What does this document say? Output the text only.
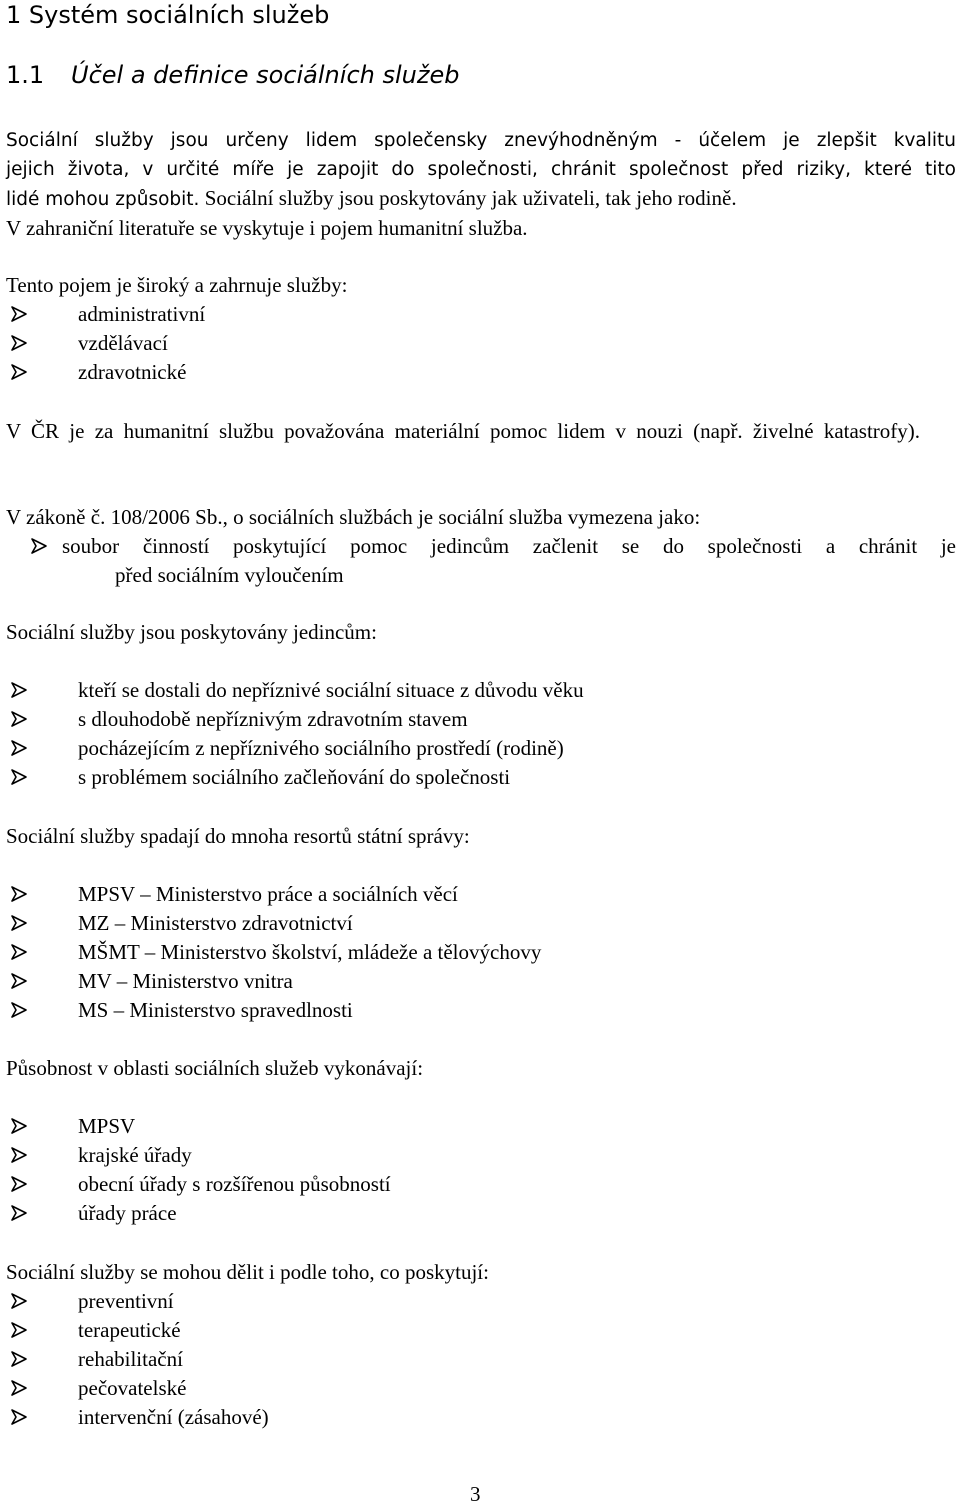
1 Systém sociálních služeb
1.1 Účel a definice sociálních služeb

Sociální služby jsou určeny lidem společensky znevýhodněným - účelem je zlepšit kvalitu

jejich života, v určité míře je zapojit do společnosti, chránit společnost před riziky, které tito

lidé mohou způsobit. Sociální služby jsou poskytovány jak uživateli, tak jeho rodině.

V zahraniční literatuře se vyskytuje i pojem humanitní služba.

Tento pojem je široký a zahrnuje služby:

administrativní
vzdělávací
zdravotnické

V ČR je za humanitní službu považována materiální pomoc lidem v nouzi (např. živelné katastrofy).

V zákoně č. 108/2006 Sb., o sociálních službách je sociální služba vymezena jako:

soubor činností poskytující pomoc jedincům začlenit se do společnosti a chránit je
před sociálním vyloučením

Sociální služby jsou poskytovány jedincům:

kteří se dostali do nepříznivé sociální situace z důvodu věku
s dlouhodobě nepříznivým zdravotním stavem
pocházejícím z nepříznivého sociálního prostředí (rodině)
s problémem sociálního začleňování do společnosti

Sociální služby spadají do mnoha resortů státní správy:

MPSV – Ministerstvo práce a sociálních věcí
MZ – Ministerstvo zdravotnictví
MŠMT – Ministerstvo školství, mládeže a tělovýchovy
MV – Ministerstvo vnitra
MS – Ministerstvo spravedlnosti

Působnost v oblasti sociálních služeb vykonávají:

MPSV
krajské úřady
obecní úřady s rozšířenou působností
úřady práce

Sociální služby se mohou dělit i podle toho, co poskytují:

preventivní
terapeutické
rehabilitační
pečovatelské
intervenční (zásahové)
3
